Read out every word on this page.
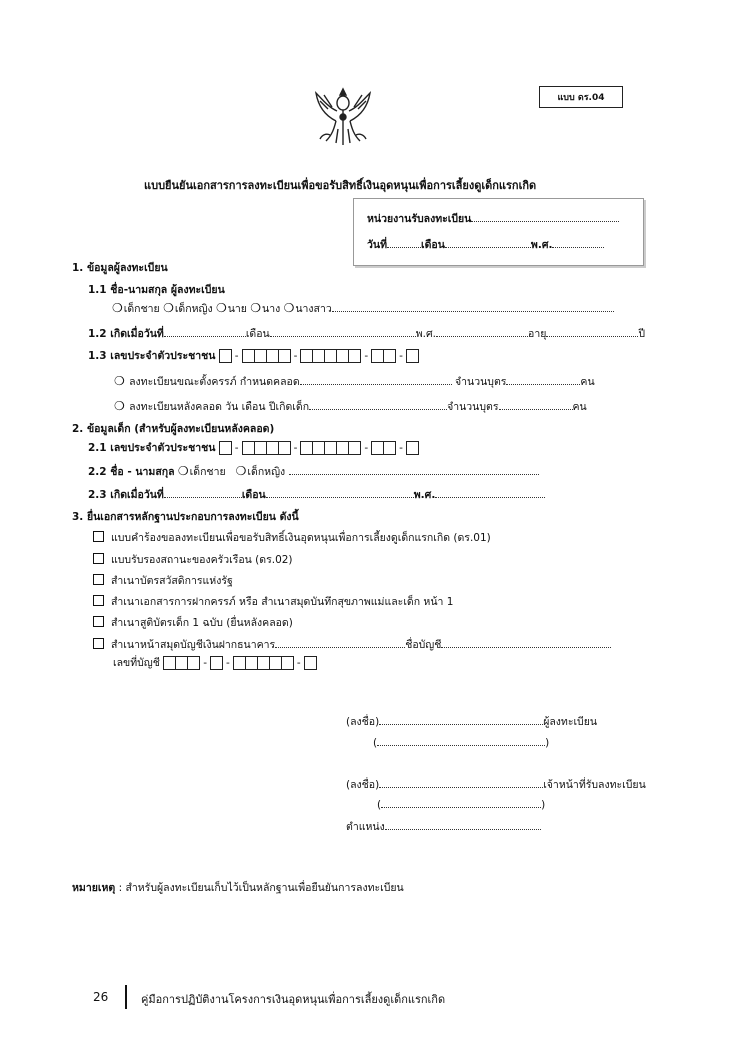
แบบ ดร.04
แบบยืนยันเอกสารการลงทะเบียนเพื่อขอรับสิทธิ์เงินอุดหนุนเพื่อการเลี้ยงดูเด็กแรกเกิด
หน่วยงานรับลงทะเบียน
วันที่	เดือน	พ.ศ.
1. ข้อมูลผู้ลงทะเบียน
1.1 ชื่อ-นามสกุล ผู้ลงทะเบียน
❍เด็กชาย ❍เด็กหญิง ❍นาย ❍นาง ❍นางสาว
1.2 เกิดเมื่อวันที่	เดือน	พ.ศ.	อายุ	ปี
1.3 เลขประจำตัวประชาชน -	-	-	-
❍ ลงทะเบียนขณะตั้งครรภ์ กำหนดคลอด	จำนวนบุตร	คน
❍ ลงทะเบียนหลังคลอด วัน เดือน ปีเกิดเด็ก	จำนวนบุตร	คน
2. ข้อมูลเด็ก (สำหรับผู้ลงทะเบียนหลังคลอด)
2.1 เลขประจำตัวประชาชน -	-	-	-
2.2 ชื่อ - นามสกุล ❍เด็กชาย ❍เด็กหญิง
2.3 เกิดเมื่อวันที่	เดือน	พ.ศ.
3. ยื่นเอกสารหลักฐานประกอบการลงทะเบียน ดังนี้
แบบคำร้องขอลงทะเบียนเพื่อขอรับสิทธิ์เงินอุดหนุนเพื่อการเลี้ยงดูเด็กแรกเกิด (ดร.01)
แบบรับรองสถานะของครัวเรือน (ดร.02)
สำเนาบัตรสวัสดิการแห่งรัฐ
สำเนาเอกสารการฝากครรภ์ หรือ สำเนาสมุดบันทึกสุขภาพแม่และเด็ก หน้า 1
สำเนาสูติบัตรเด็ก 1 ฉบับ (ยื่นหลังคลอด)
สำเนาหน้าสมุดบัญชีเงินฝากธนาคาร	ชื่อบัญชี
เลขที่บัญชี	- -	-
(ลงชื่อ)	ผู้ลงทะเบียน
(	)
(ลงชื่อ)	เจ้าหน้าที่รับลงทะเบียน
(	)
ตำแหน่ง
หมายเหตุ : สำหรับผู้ลงทะเบียนเก็บไว้เป็นหลักฐานเพื่อยืนยันการลงทะเบียน
26	คู่มือการปฏิบัติงานโครงการเงินอุดหนุนเพื่อการเลี้ยงดูเด็กแรกเกิด
